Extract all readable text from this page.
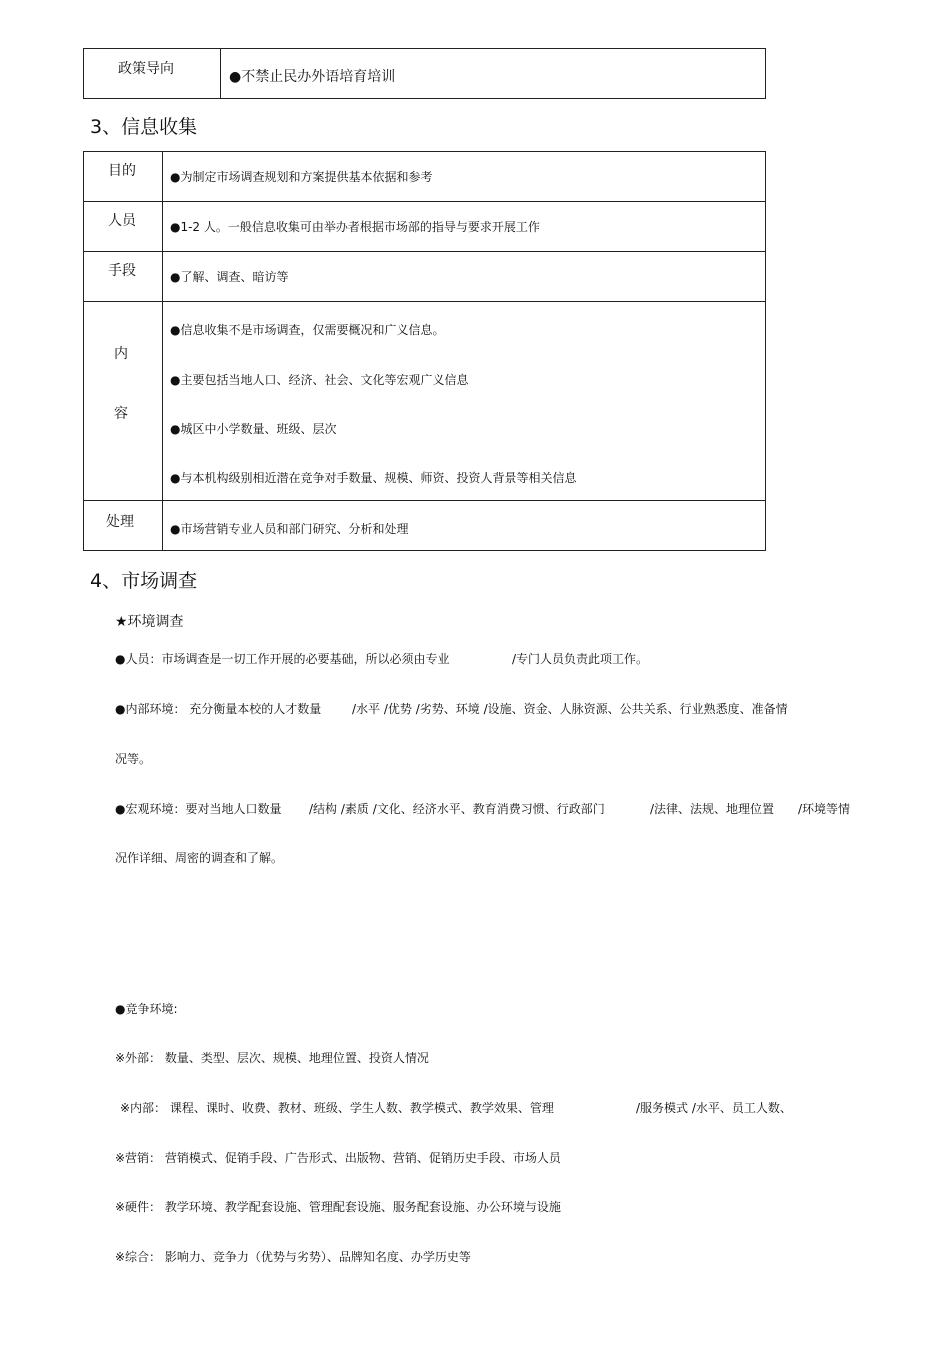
政策导向	●不禁止民办外语培育培训
3、信息收集
目的	●为制定市场调查规划和方案提供基本依据和参考

人员	●1-2 人。一般信息收集可由举办者根据市场部的指导与要求开展工作

手段	●了解、调查、暗访等

内
容	●信息收集不是市场调查，仅需要概况和广义信息。
●主要包括当地人口、经济、社会、文化等宏观广义信息
●城区中小学数量、班级、层次
●与本机构级别相近潜在竞争对手数量、规模、师资、投资人背景等相关信息

处理	●市场营销专业人员和部门研究、分析和处理
4、市场调查
★环境调查
●人员：市场调查是一切工作开展的必要基础，所以必须由专业	/专门人员负责此项工作。
●内部环境： 充分衡量本校的人才数量	/水平 /优势 /劣势、环境 /设施、资金、人脉资源、公共关系、行业熟悉度、准备情
况等。
●宏观环境：要对当地人口数量 /结构 /素质 /文化、经济水平、教育消费习惯、行政部门	/法律、法规、地理位置 /环境等情
况作详细、周密的调查和了解。
●竞争环境:
※外部： 数量、类型、层次、规模、地理位置、投资人情况
※内部： 课程、课时、收费、教材、班级、学生人数、教学模式、教学效果、管理	/服务模式 /水平、员工人数、
※营销： 营销模式、促销手段、广告形式、出版物、营销、促销历史手段、市场人员
※硬件： 教学环境、教学配套设施、管理配套设施、服务配套设施、办公环境与设施
※综合： 影响力、竞争力（优势与劣势）、品牌知名度、办学历史等
